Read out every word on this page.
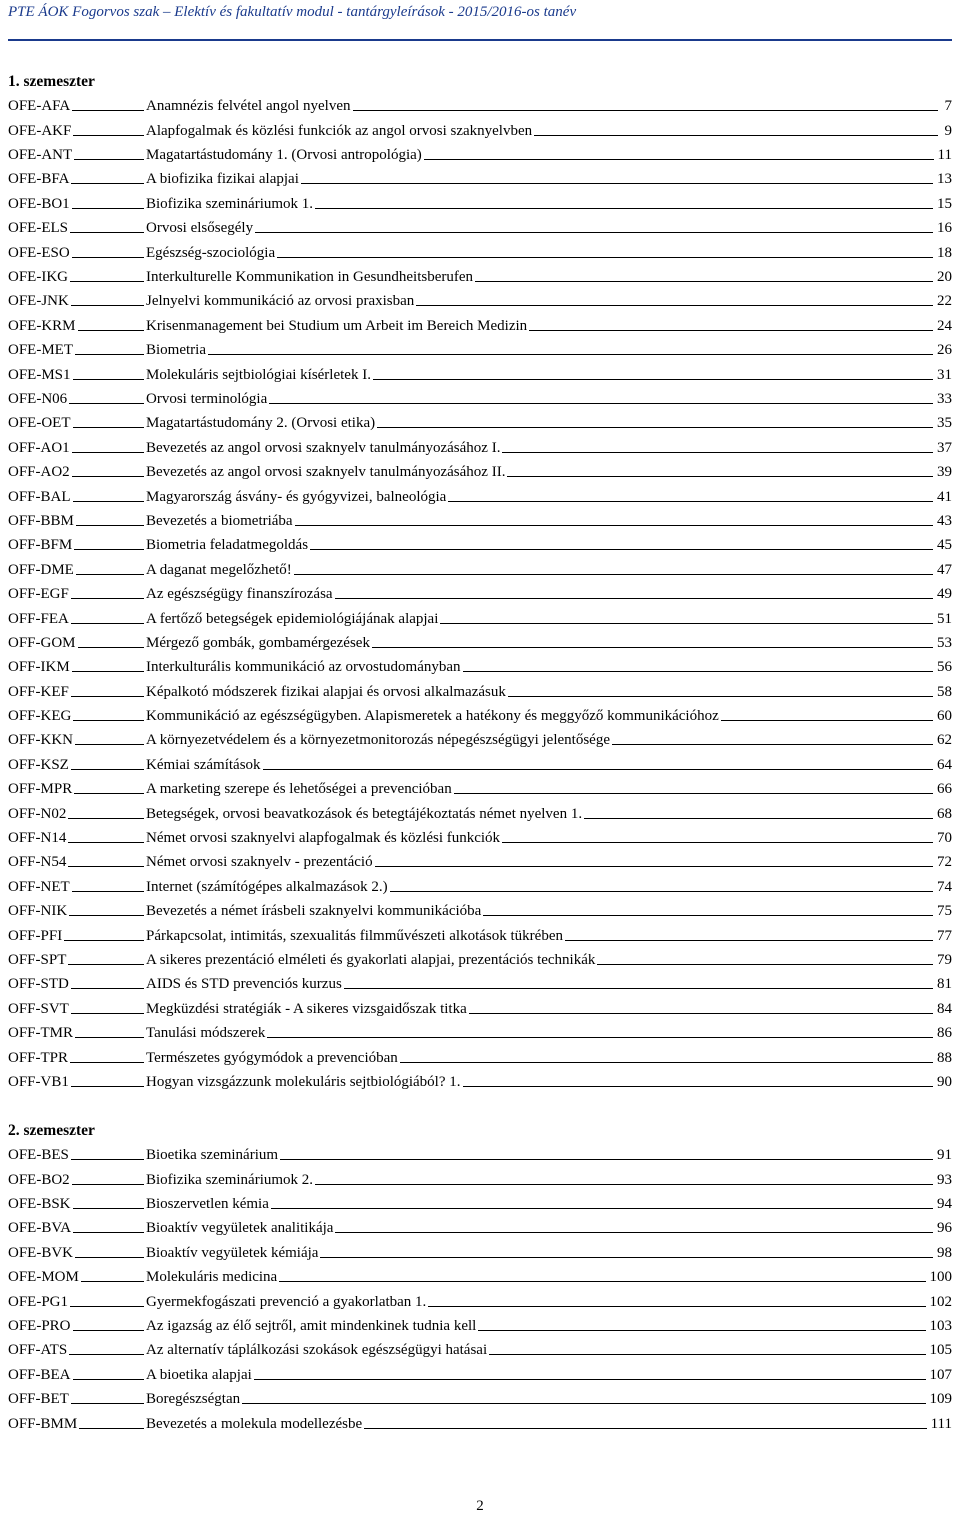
PTE ÁOK Fogorvos szak – Elektív és fakultatív modul - tantárgyleírások - 2015/2016-os tanév
1. szemeszter
OFE-AFA	Anamnézis felvétel angol nyelven	7
OFE-AKF	Alapfogalmak és közlési funkciók az angol orvosi szaknyelvben	9
OFE-ANT	Magatartástudomány 1. (Orvosi antropológia)	11
OFE-BFA	A biofizika fizikai alapjai	13
OFE-BO1	Biofizika szemináriumok 1.	15
OFE-ELS	Orvosi elsősegély	16
OFE-ESO	Egészség-szociológia	18
OFE-IKG	Interkulturelle Kommunikation in Gesundheitsberufen	20
OFE-JNK	Jelnyelvi kommunikáció az orvosi praxisban	22
OFE-KRM	Krisenmanagement bei Studium um Arbeit im Bereich Medizin	24
OFE-MET	Biometria	26
OFE-MS1	Molekuláris sejtbiológiai kísérletek I.	31
OFE-N06	Orvosi terminológia	33
OFE-OET	Magatartástudomány 2. (Orvosi etika)	35
OFF-AO1	Bevezetés az angol orvosi szaknyelv tanulmányozásához I.	37
OFF-AO2	Bevezetés az angol orvosi szaknyelv tanulmányozásához II.	39
OFF-BAL	Magyarország ásvány- és gyógyvizei, balneológia	41
OFF-BBM	Bevezetés a biometriába	43
OFF-BFM	Biometria feladatmegoldás	45
OFF-DME	A daganat megelőzhető!	47
OFF-EGF	Az egészségügy finanszírozása	49
OFF-FEA	A fertőző betegségek epidemiológiájának alapjai	51
OFF-GOM	Mérgező gombák, gombamérgezések	53
OFF-IKM	Interkulturális kommunikáció az orvostudományban	56
OFF-KEF	Képalkotó módszerek fizikai alapjai és orvosi alkalmazásuk	58
OFF-KEG	Kommunikáció az egészségügyben. Alapismeretek a hatékony és meggyőző kommunikációhoz	60
OFF-KKN	A környezetvédelem és a környezetmonitorozás népegészségügyi jelentősége	62
OFF-KSZ	Kémiai számítások	64
OFF-MPR	A marketing szerepe és lehetőségei a prevencióban	66
OFF-N02	Betegségek, orvosi beavatkozások és betegtájékoztatás német nyelven 1.	68
OFF-N14	Német orvosi szaknyelvi alapfogalmak és közlési funkciók	70
OFF-N54	Német orvosi szaknyelv - prezentáció	72
OFF-NET	Internet (számítógépes alkalmazások 2.)	74
OFF-NIK	Bevezetés a német írásbeli szaknyelvi kommunikációba	75
OFF-PFI	Párkapcsolat, intimitás, szexualitás filmművészeti alkotások tükrében	77
OFF-SPT	A sikeres prezentáció elméleti és gyakorlati alapjai, prezentációs technikák	79
OFF-STD	AIDS és STD prevenciós kurzus	81
OFF-SVT	Megküzdési stratégiák - A sikeres vizsgaidőszak titka	84
OFF-TMR	Tanulási módszerek	86
OFF-TPR	Természetes gyógymódok a prevencióban	88
OFF-VB1	Hogyan vizsgázzunk molekuláris sejtbiológiából? 1.	90
2. szemeszter
OFE-BES	Bioetika szeminárium	91
OFE-BO2	Biofizika szemináriumok 2.	93
OFE-BSK	Bioszervetlen kémia	94
OFE-BVA	Bioaktív vegyületek analitikája	96
OFE-BVK	Bioaktív vegyületek kémiája	98
OFE-MOM	Molekuláris medicina	100
OFE-PG1	Gyermekfogászati prevenció a gyakorlatban 1.	102
OFE-PRO	Az igazság az élő sejtről, amit mindenkinek tudnia kell	103
OFF-ATS	Az alternatív táplálkozási szokások egészségügyi hatásai	105
OFF-BEA	A bioetika alapjai	107
OFF-BET	Boregészségtan	109
OFF-BMM	Bevezetés a molekula modellezésbe	111
2
